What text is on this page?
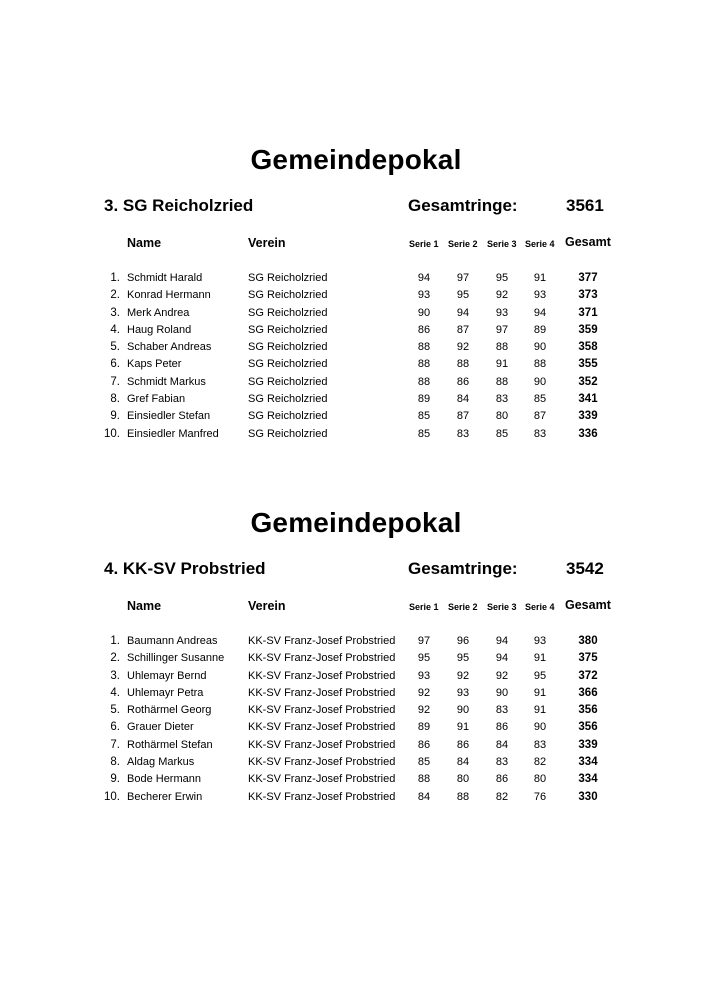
Gemeindepokal
3. SG Reicholzried	Gesamtringe:	3561
Name	Verein	Serie 1 Serie 2 Serie 3 Serie 4 Gesamt
1. Schmidt Harald	SG Reicholzried	94	97	95	91	377
2. Konrad Hermann	SG Reicholzried	93	95	92	93	373
3. Merk Andrea	SG Reicholzried	90	94	93	94	371
4. Haug Roland	SG Reicholzried	86	87	97	89	359
5. Schaber Andreas	SG Reicholzried	88	92	88	90	358
6. Kaps Peter	SG Reicholzried	88	88	91	88	355
7. Schmidt Markus	SG Reicholzried	88	86	88	90	352
8. Gref Fabian	SG Reicholzried	89	84	83	85	341
9. Einsiedler Stefan	SG Reicholzried	85	87	80	87	339
10. Einsiedler Manfred	SG Reicholzried	85	83	85	83	336
Gemeindepokal
4. KK-SV Probstried	Gesamtringe:	3542
Name	Verein	Serie 1 Serie 2 Serie 3 Serie 4 Gesamt
1. Baumann Andreas	KK-SV Franz-Josef Probstried	97	96	94	93	380
2. Schillinger Susanne KK-SV Franz-Josef Probstried	95	95	94	91	375
3. Uhlemayr Bernd	KK-SV Franz-Josef Probstried	93	92	92	95	372
4. Uhlemayr Petra	KK-SV Franz-Josef Probstried	92	93	90	91	366
5. Rothärmel Georg	KK-SV Franz-Josef Probstried	92	90	83	91	356
6. Grauer Dieter	KK-SV Franz-Josef Probstried	89	91	86	90	356
7. Rothärmel Stefan	KK-SV Franz-Josef Probstried	86	86	84	83	339
8. Aldag Markus	KK-SV Franz-Josef Probstried	85	84	83	82	334
9. Bode Hermann	KK-SV Franz-Josef Probstried	88	80	86	80	334
10. Becherer Erwin	KK-SV Franz-Josef Probstried	84	88	82	76	330
